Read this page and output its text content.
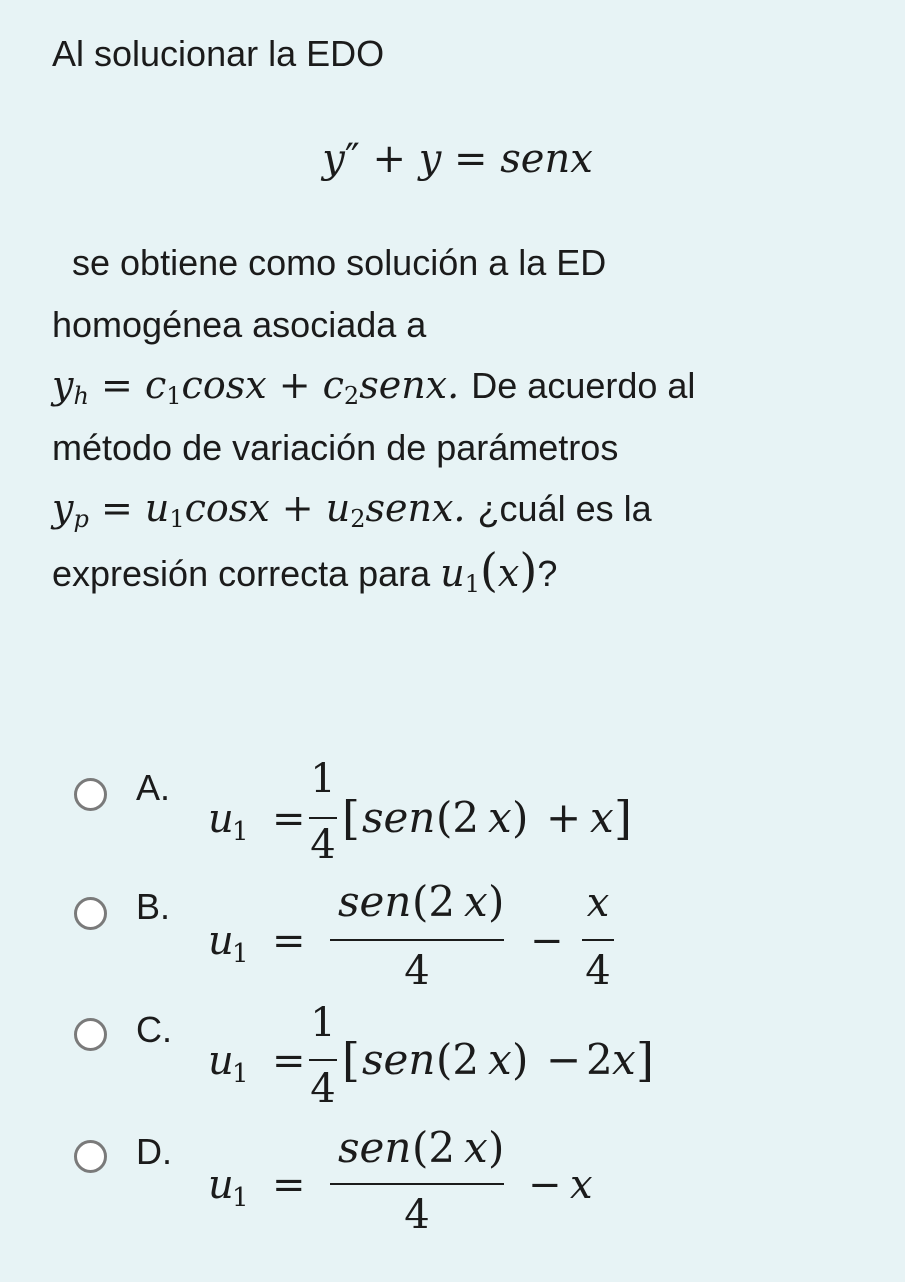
Al solucionar la EDO
y″ + y = senx
se obtiene como solución a la ED
homogénea asociada a
$y_h = c_1\cos x$ + $c_2senx$. De acuerdo al
método de variación de parámetros
$y_p = u_1\cos x$ + $u_2senx$. ¿cuál es la
expresión correcta para $u_1(x)$?
A.
u
1 =
1
4 [ sen (2 x ) + x ]
B.
u
1 =
sen (2 x )
4
−
x
4
C.
u
1 =
1
4
[ sen (2 x ) − 2 x ]
D.
u
1 =
sen (2 x )
4
− x
